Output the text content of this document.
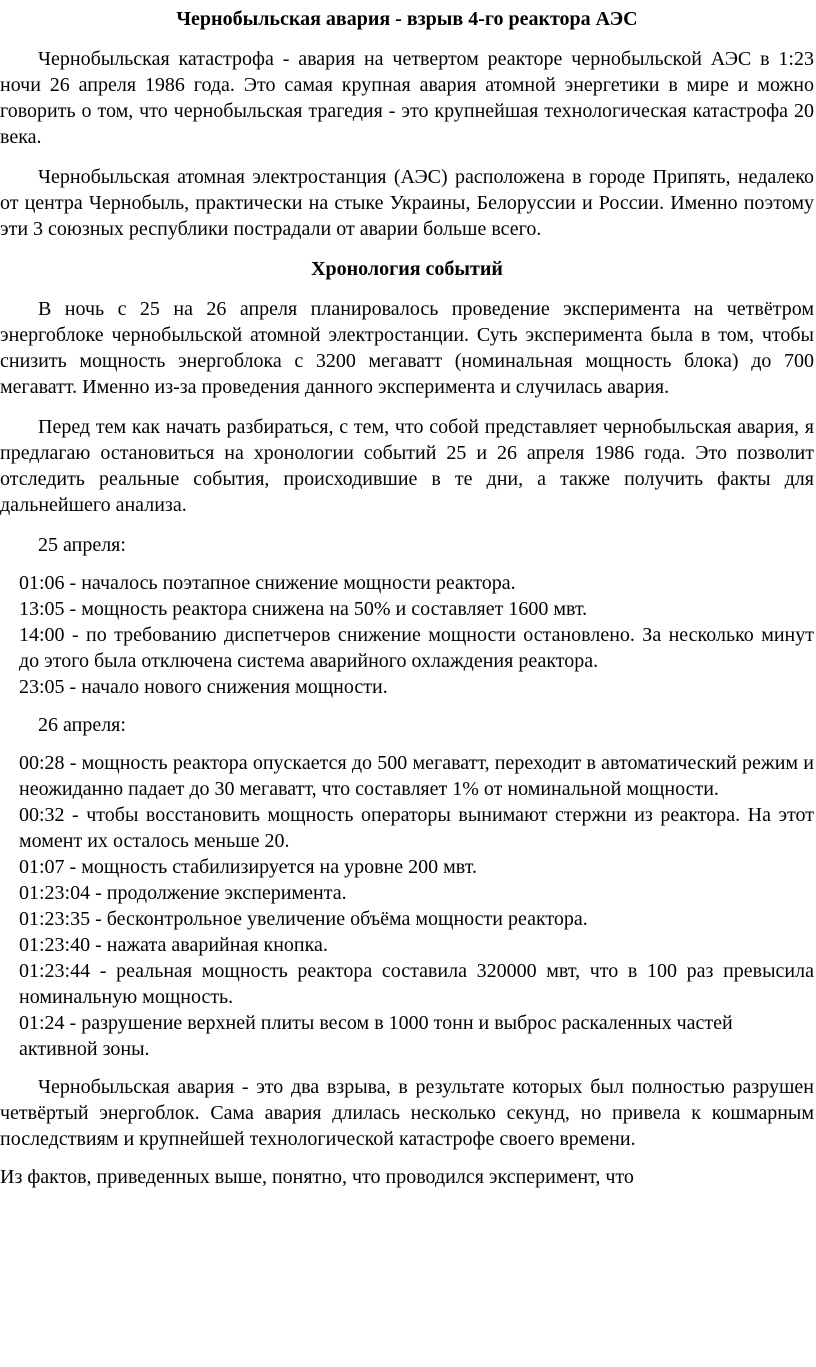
Чернобыльская авария - взрыв 4-го реактора АЭС

Чернобыльская катастрофа - авария на четвертом реакторе чернобыльской АЭС в 1:23 ночи 26 апреля 1986 года. Это самая крупная авария атомной энергетики в мире и можно говорить о том, что чернобыльская трагедия - это крупнейшая технологическая катастрофа 20 века.

Чернобыльская атомная электростанция (АЭС) расположена в городе Припять, недалеко от центра Чернобыль, практически на стыке Украины, Белоруссии и России. Именно поэтому эти 3 союзных республики пострадали от аварии больше всего.

Хронология событий

В ночь с 25 на 26 апреля планировалось проведение эксперимента на четвётром энергоблоке чернобыльской атомной электростанции. Суть эксперимента была в том, чтобы снизить мощность энергоблока с 3200 мегаватт (номинальная мощность блока) до 700 мегаватт. Именно из-за проведения данного эксперимента и случилась авария.

Перед тем как начать разбираться, с тем, что собой представляет чернобыльская авария, я предлагаю остановиться на хронологии событий 25 и 26 апреля 1986 года. Это позволит отследить реальные события, происходившие в те дни, а также получить факты для дальнейшего анализа.

25 апреля:

01:06 - началось поэтапное снижение мощности реактора.
13:05 - мощность реактора снижена на 50% и составляет 1600 мвт.
14:00 - по требованию диспетчеров снижение мощности остановлено. За несколько минут до этого была отключена система аварийного охлаждения реактора.
23:05 - начало нового снижения мощности.

26 апреля:

00:28 - мощность реактора опускается до 500 мегаватт, переходит в автоматический режим и неожиданно падает до 30 мегаватт, что составляет 1% от номинальной мощности.
00:32 - чтобы восстановить мощность операторы вынимают стержни из реактора. На этот момент их осталось меньше 20.
01:07 - мощность стабилизируется на уровне 200 мвт.
01:23:04 - продолжение эксперимента.
01:23:35 - бесконтрольное увеличение объёма мощности реактора.
01:23:40 - нажата аварийная кнопка.
01:23:44 - реальная мощность реактора составила 320000 мвт, что в 100 раз превысила номинальную мощность.
01:24 - разрушение верхней плиты весом в 1000 тонн и выброс раскаленных частей активной зоны.

Чернобыльская авария - это два взрыва, в результате которых был полностью разрушен четвёртый энергоблок. Сама авария длилась несколько секунд, но привела к кошмарным последствиям и крупнейшей технологической катастрофе своего времени.

Из фактов, приведенных выше, понятно, что проводился эксперимент, что
